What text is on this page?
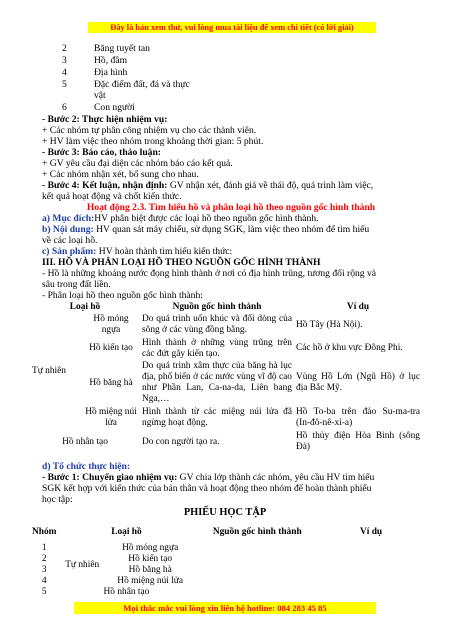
Đây là bản xem thử, vui lòng mua tài liệu để xem chi tiết (có lời giải)
2	Băng tuyết tan
3	Hồ, đầm
4	Địa hình
5	Đặc điểm đất, đá và thực
vật
6	Con người
- Bước 2: Thực hiện nhiệm vụ:
+ Các nhóm tự phân công nhiệm vụ cho các thành viên.
+ HV làm việc theo nhóm trong khoảng thời gian: 5 phút.
- Bước 3: Báo cáo, thảo luận:
+ GV yêu cầu đại diện các nhóm báo cáo kết quả.
+ Các nhóm nhận xét, bổ sung cho nhau.
- Bước 4: Kết luận, nhận định: GV nhận xét, đánh giá về thái độ, quá trình làm việc,
kết quả hoạt động và chốt kiến thức.
Hoạt động 2.3. Tìm hiểu hồ và phân loại hồ theo nguồn gốc hình thành
a) Mục đích:HV phân biệt được các loại hồ theo nguồn gốc hình thành.
b) Nội dung: HV quan sát máy chiếu, sử dụng SGK, làm việc theo nhóm để tìm hiểu
về các loại hồ.
c) Sản phẩm: HV hoàn thành tìm hiểu kiến thức:
III. HỒ VÀ PHÂN LOẠI HỒ THEO NGUỒN GỐC HÌNH THÀNH
- Hồ là những khoảng nước đọng hình thành ở nơi có địa hình trũng, tương đối rộng và
sâu trong đất liền.
- Phân loại hồ theo nguồn gốc hình thành:
Loại hồ		Nguồn gốc hình thành	Ví dụ
Tự nhiên	Hồ móng ngựa	Do quá trình uốn khúc và đổi dòng của sông ở các vùng đồng bằng.	Hồ Tây (Hà Nội).
	Hồ kiến tạo	Hình thành ở những vùng trũng trên các đứt gãy kiến tạo.	Các hồ ở khu vực Đông Phi.
	Hồ băng hà	Do quá trình xâm thực của băng hà lục địa, phổ biến ở các nước vùng vĩ độ cao như Phần Lan, Ca-na-da, Liên bang Nga,…	Vùng Hồ Lớn (Ngũ Hồ) ở lục địa Bắc Mỹ.
	Hồ miệng núi lửa	Hình thành từ các miệng núi lửa đã ngừng hoạt động.	Hồ To-ba trên đảo Su-ma-tra (In-đô-nê-xi-a)
Hồ nhân tạo		Do con người tạo ra.	Hồ thủy điện Hòa Bình (sông Đà)
d) Tổ chức thực hiện:
- Bước 1: Chuyển giao nhiệm vụ: GV chia lớp thành các nhóm, yêu cầu HV tìm hiểu
SGK kết hợp với kiến thức của bản thân và hoạt động theo nhóm để hoàn thành phiếu
học tập:
PHIẾU HỌC TẬP
Nhóm	Loại hồ		Nguồn gốc hình thành	Ví dụ
1	Tự nhiên	Hồ móng ngựa		
2		Hồ kiến tạo		
3		Hồ băng hà		
4		Hồ miệng núi lửa		
5	Hồ nhân tạo			
Mọi thắc mắc vui lòng xin liên hệ hotline: 084 283 45 85
